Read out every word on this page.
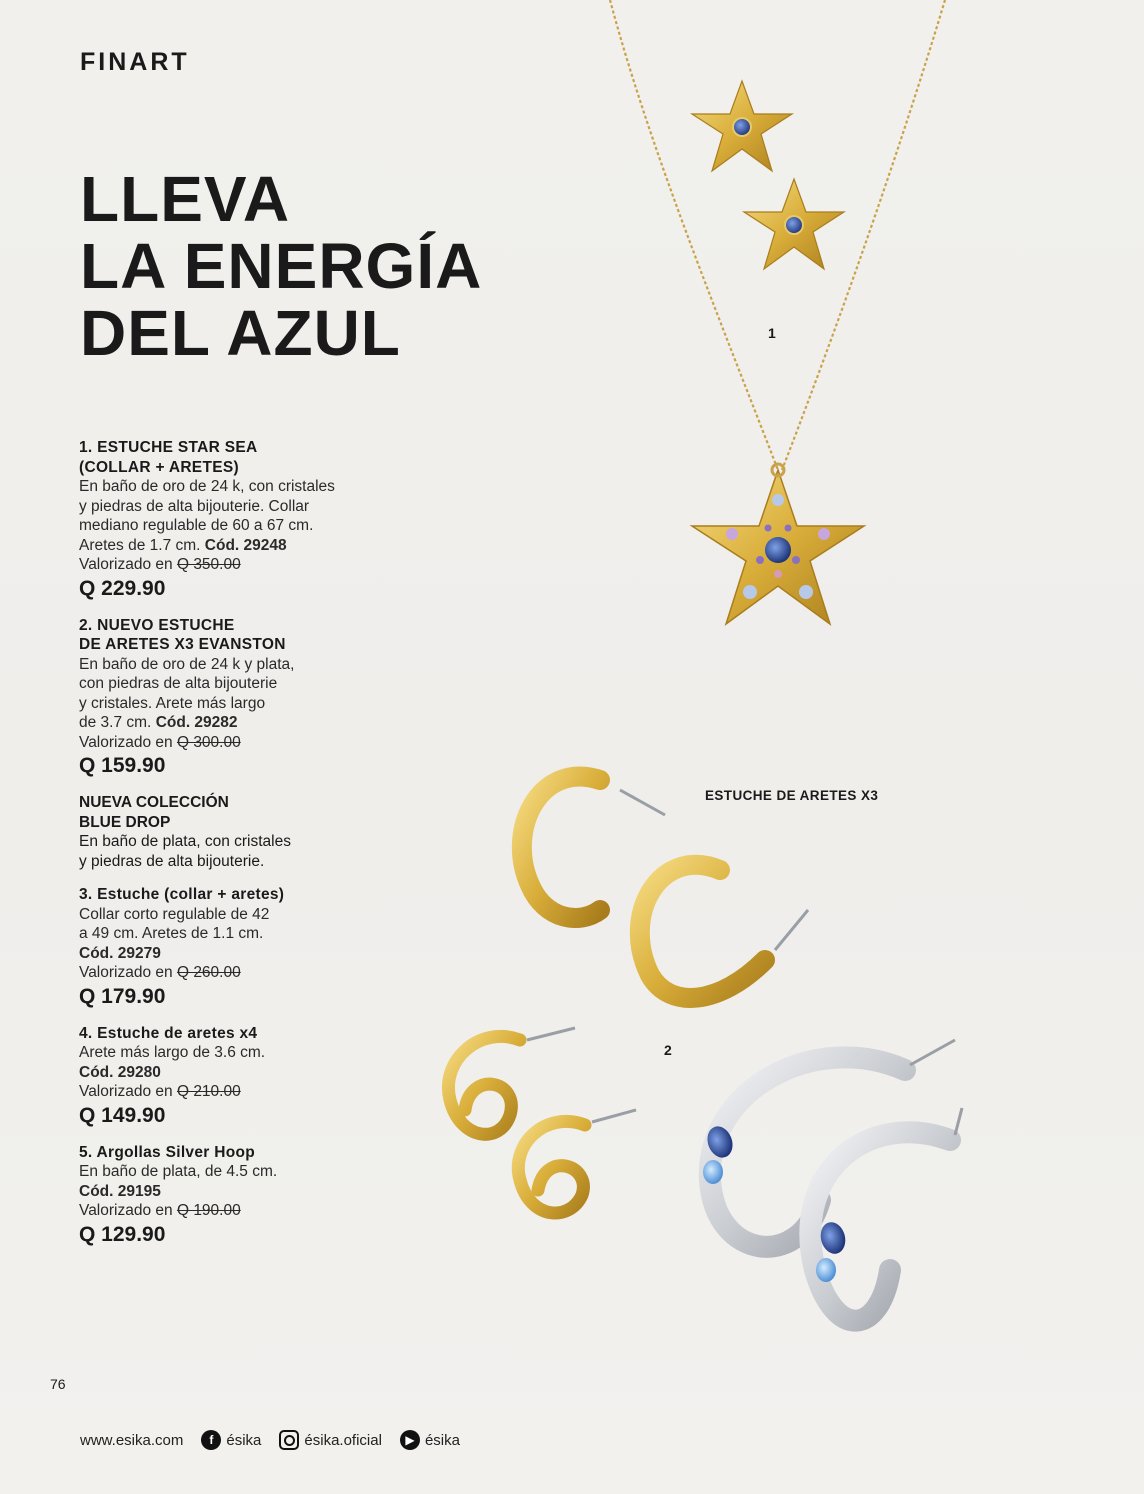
FINART
LLEVA
LA ENERGÍA
DEL AZUL	1
ESTUCHE DE ARETES X3
2
1. ESTUCHE STAR SEA
(COLLAR + ARETES)
En baño de oro de 24 k, con cristales
y piedras de alta bijouterie. Collar
mediano regulable de 60 a 67 cm.
Aretes de 1.7 cm. Cód. 29248
Valorizado en Q 350.00
Q 229.90
2. NUEVO ESTUCHE
DE ARETES X3 EVANSTON
En baño de oro de 24 k y plata,
con piedras de alta bijouterie
y cristales. Arete más largo
de 3.7 cm. Cód. 29282
Valorizado en Q 300.00
Q 159.90
NUEVA COLECCIÓN
BLUE DROP
En baño de plata, con cristales
y piedras de alta bijouterie.
3. Estuche (collar + aretes)
Collar corto regulable de 42
a 49 cm. Aretes de 1.1 cm.
Cód. 29279
Valorizado en Q 260.00
Q 179.90
4. Estuche de aretes x4
Arete más largo de 3.6 cm.
Cód. 29280
Valorizado en Q 210.00
Q 149.90
5. Argollas Silver Hoop
En baño de plata, de 4.5 cm.
Cód. 29195
Valorizado en Q 190.00
Q 129.90
76
www.esika.com	f ésika	ésika.oficial	▶ ésika
